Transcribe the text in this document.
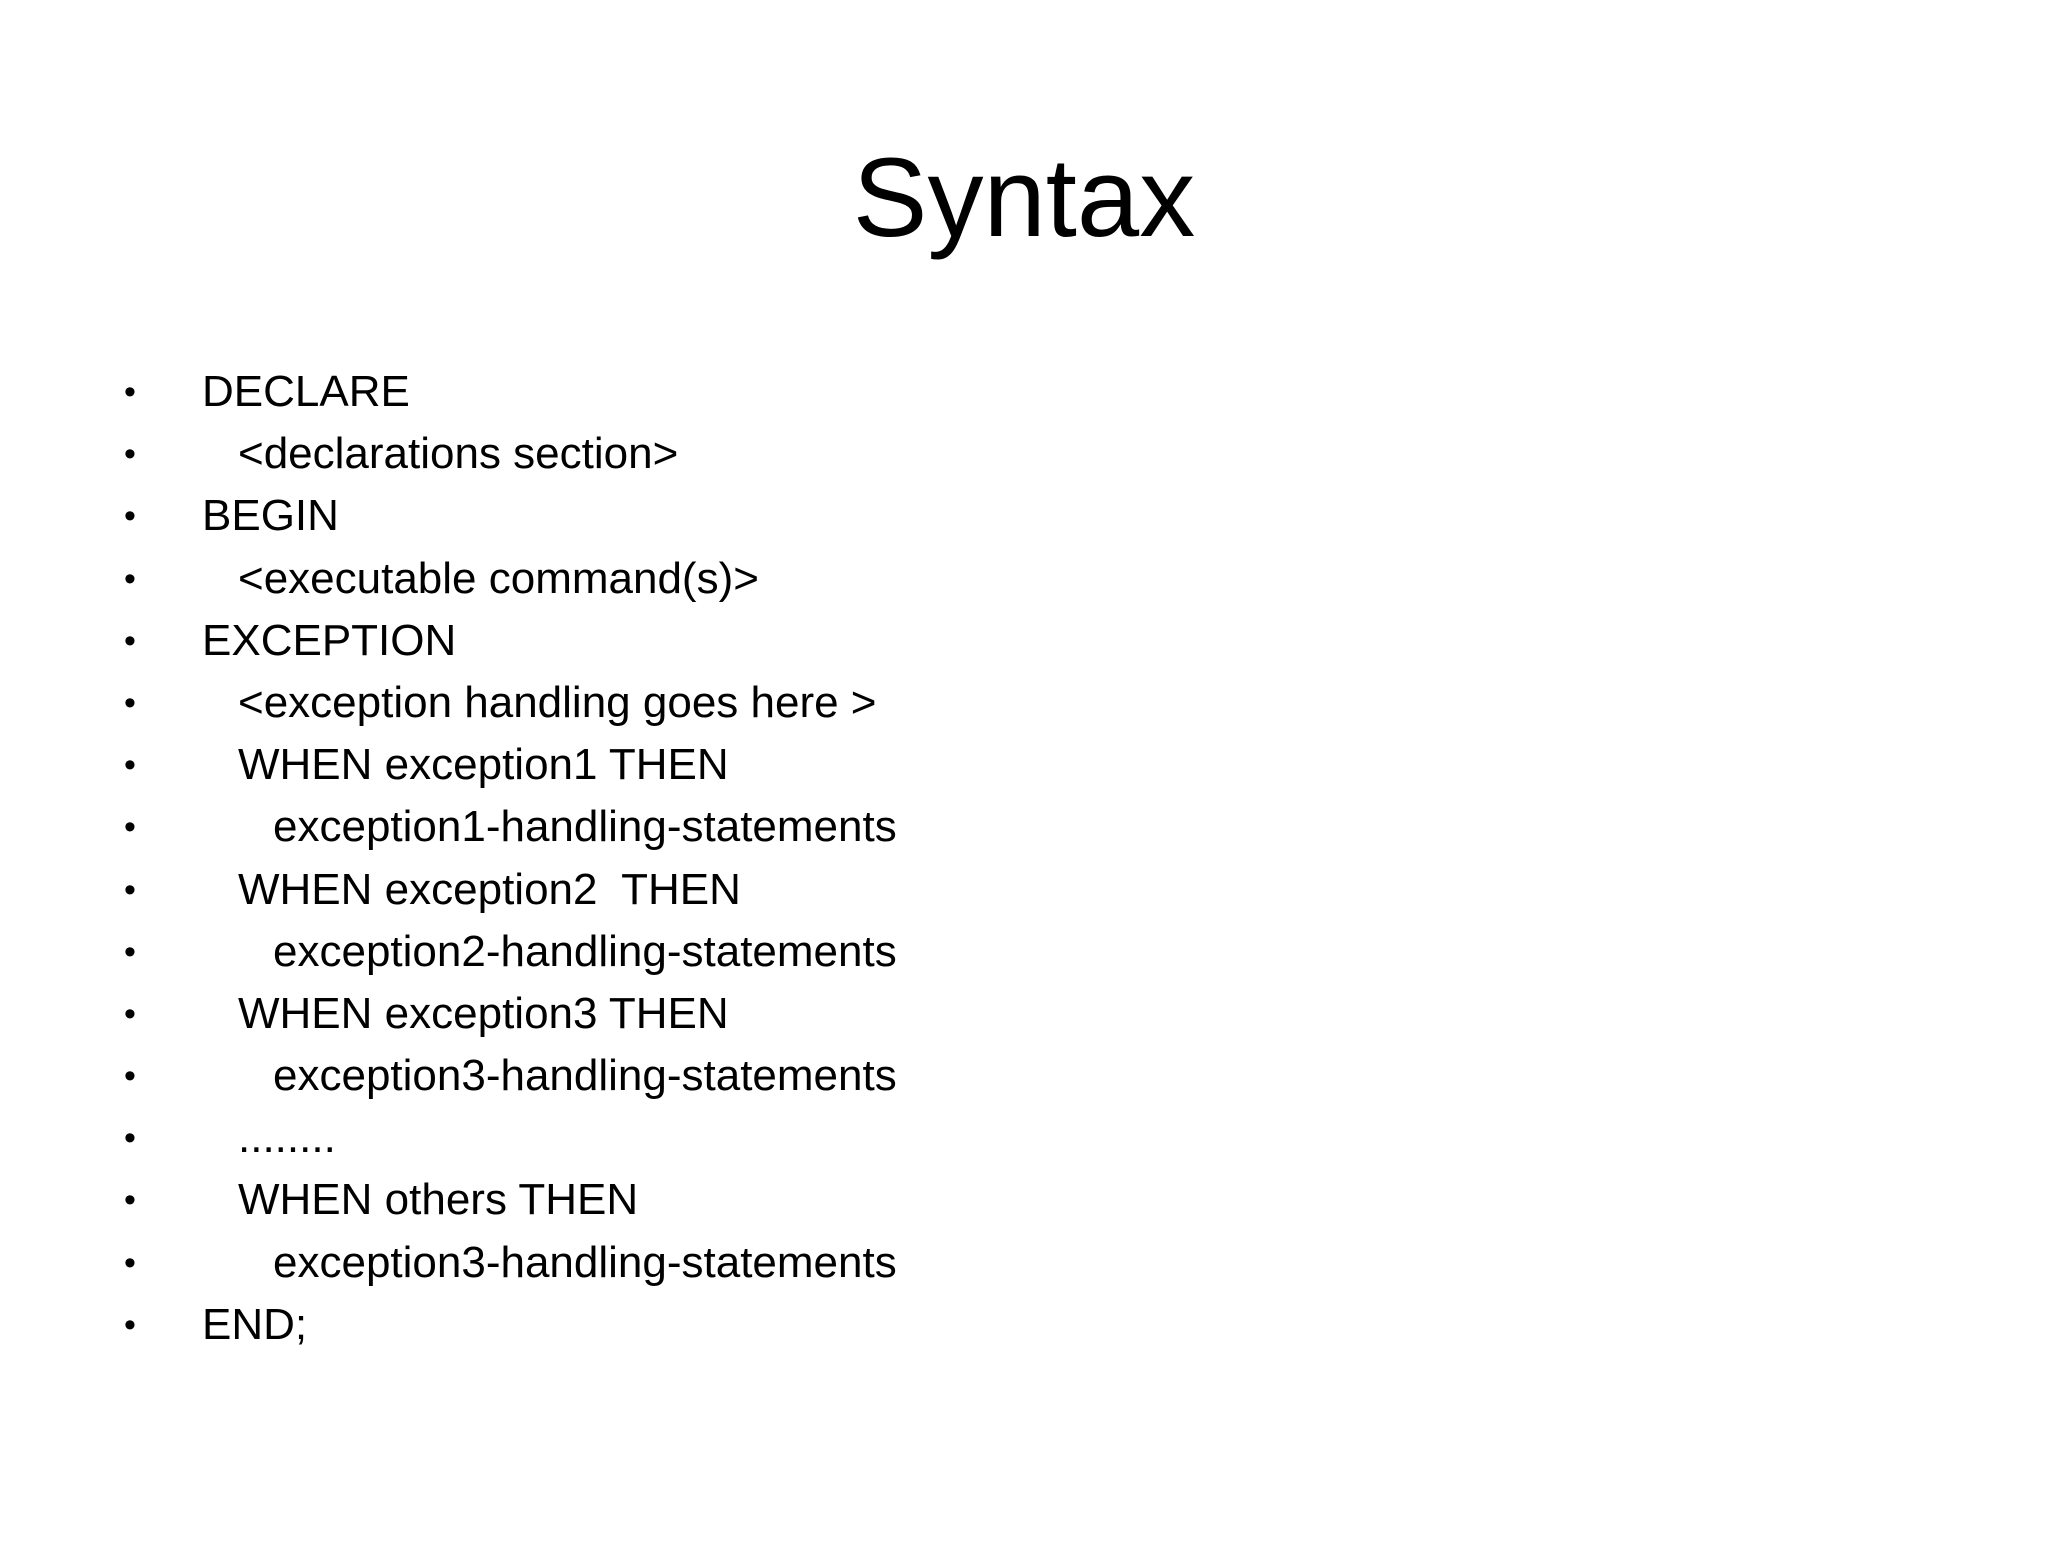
Syntax

•

	DECLARE

•

	<declarations section>

•

	BEGIN

•

	<executable command(s)>

•

	EXCEPTION

•

	<exception handling goes here >

•

	WHEN exception1 THEN

•

	exception1-handling-statements

•

	WHEN exception2  THEN

•

	exception2-handling-statements

•

	WHEN exception3 THEN

•

	exception3-handling-statements

•

	........

•

	WHEN others THEN

•

	exception3-handling-statements

•

	END;
